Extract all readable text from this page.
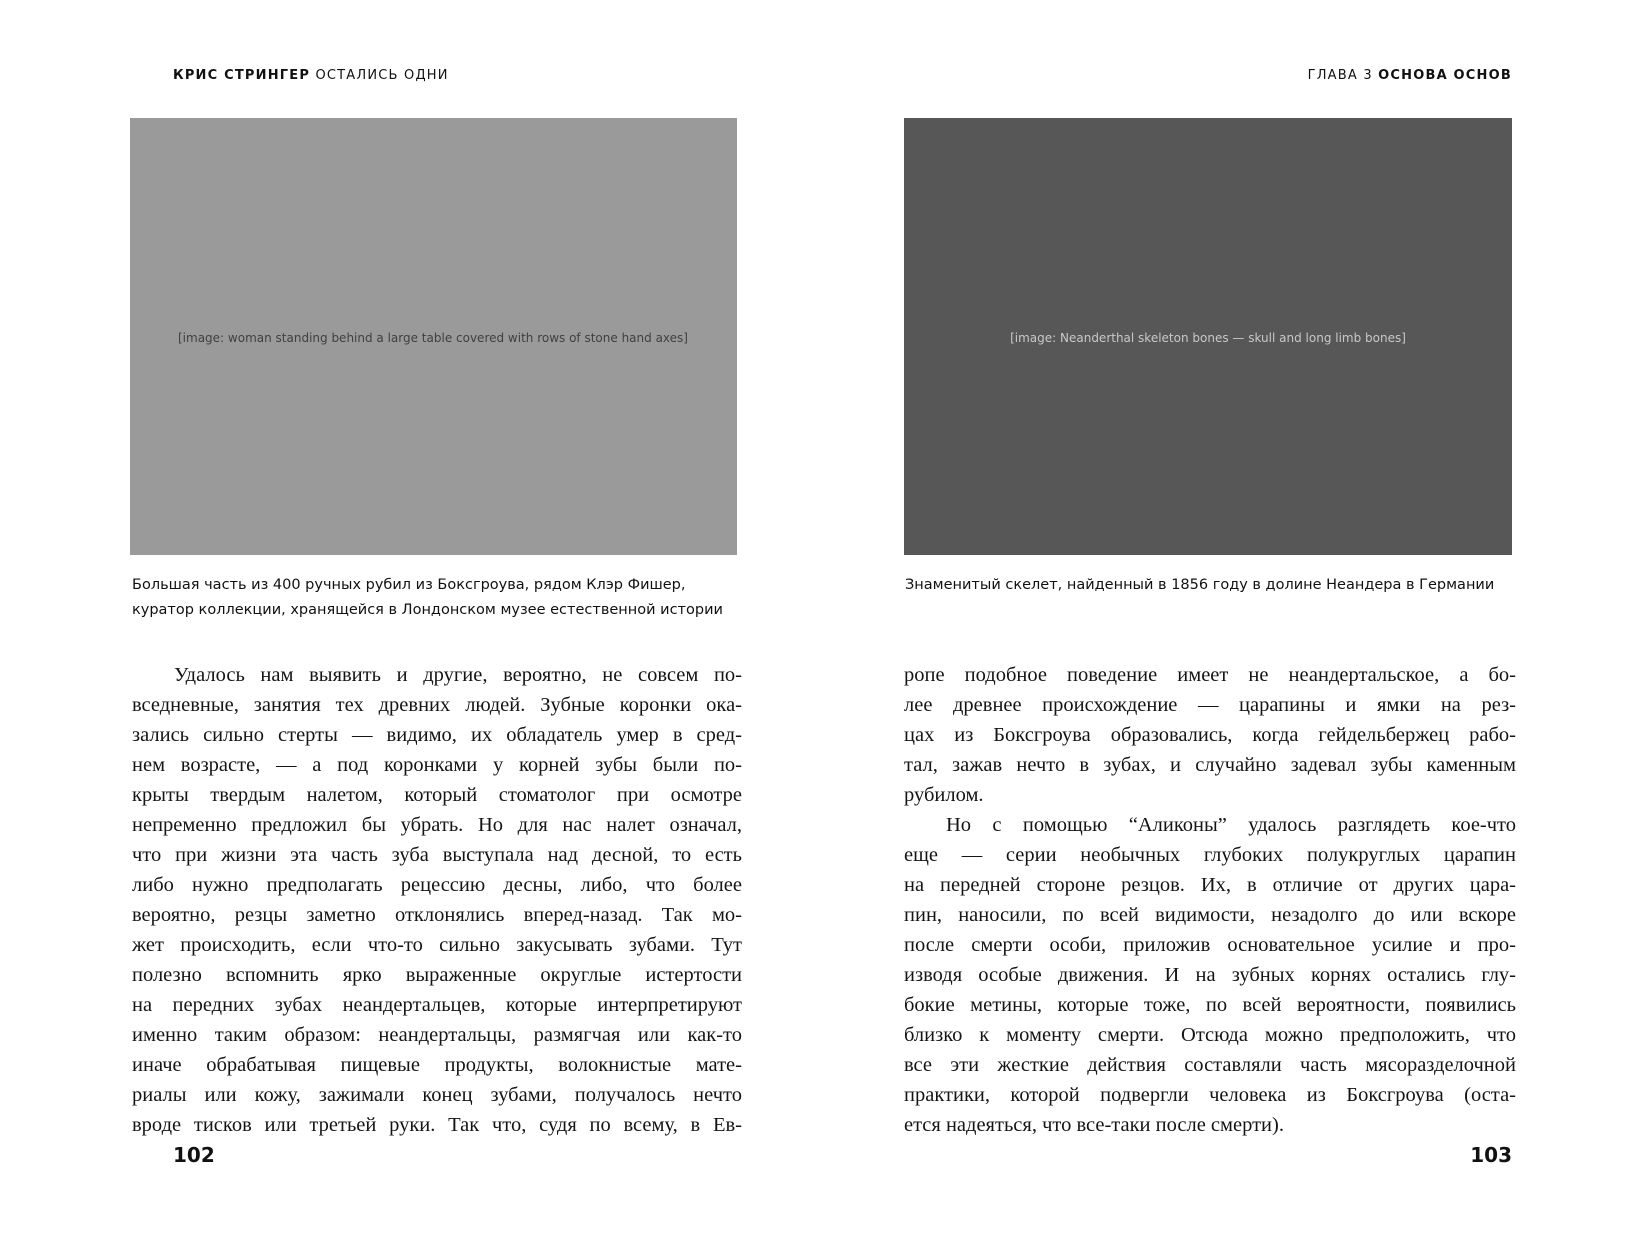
КРИС СТРИНГЕР ОСТАЛИСЬ ОДНИ
[image: woman standing behind a large table covered with rows of stone hand axes]
Большая часть из 400 ручных рубил из Боксгроува, рядом Клэр Фишер,
куратор коллекции, хранящейся в Лондонском музее естественной истории
Удалось нам выявить и другие, вероятно, не совсем по-
вседневные, занятия тех древних людей. Зубные коронки ока-
зались сильно стерты — видимо, их обладатель умер в сред-
нем возрасте, — а под коронками у корней зубы были по-
крыты твердым налетом, который стоматолог при осмотре
непременно предложил бы убрать. Но для нас налет означал,
что при жизни эта часть зуба выступала над десной, то есть
либо нужно предполагать рецессию десны, либо, что более
вероятно, резцы заметно отклонялись вперед-назад. Так мо-
жет происходить, если что-то сильно закусывать зубами. Тут
полезно вспомнить ярко выраженные округлые истертости
на передних зубах неандертальцев, которые интерпретируют
именно таким образом: неандертальцы, размягчая или как-то
иначе обрабатывая пищевые продукты, волокнистые мате-
риалы или кожу, зажимали конец зубами, получалось нечто
вроде тисков или третьей руки. Так что, судя по всему, в Ев-
102
ГЛАВА 3 ОСНОВА ОСНОВ
[image: Neanderthal skeleton bones — skull and long limb bones]
Знаменитый скелет, найденный в 1856 году в долине Неандера в Германии
ропе подобное поведение имеет не неандертальское, а бо-
лее древнее происхождение — царапины и ямки на рез-
цах из Боксгроува образовались, когда гейдельбержец рабо-
тал, зажав нечто в зубах, и случайно задевал зубы каменным
рубилом.
Но с помощью “Аликоны” удалось разглядеть кое-что
еще — серии необычных глубоких полукруглых царапин
на передней стороне резцов. Их, в отличие от других цара-
пин, наносили, по всей видимости, незадолго до или вскоре
после смерти особи, приложив основательное усилие и про-
изводя особые движения. И на зубных корнях остались глу-
бокие метины, которые тоже, по всей вероятности, появились
близко к моменту смерти. Отсюда можно предположить, что
все эти жесткие действия составляли часть мясоразделочной
практики, которой подвергли человека из Боксгроува (оста-
ется надеяться, что все-таки после смерти).
103
